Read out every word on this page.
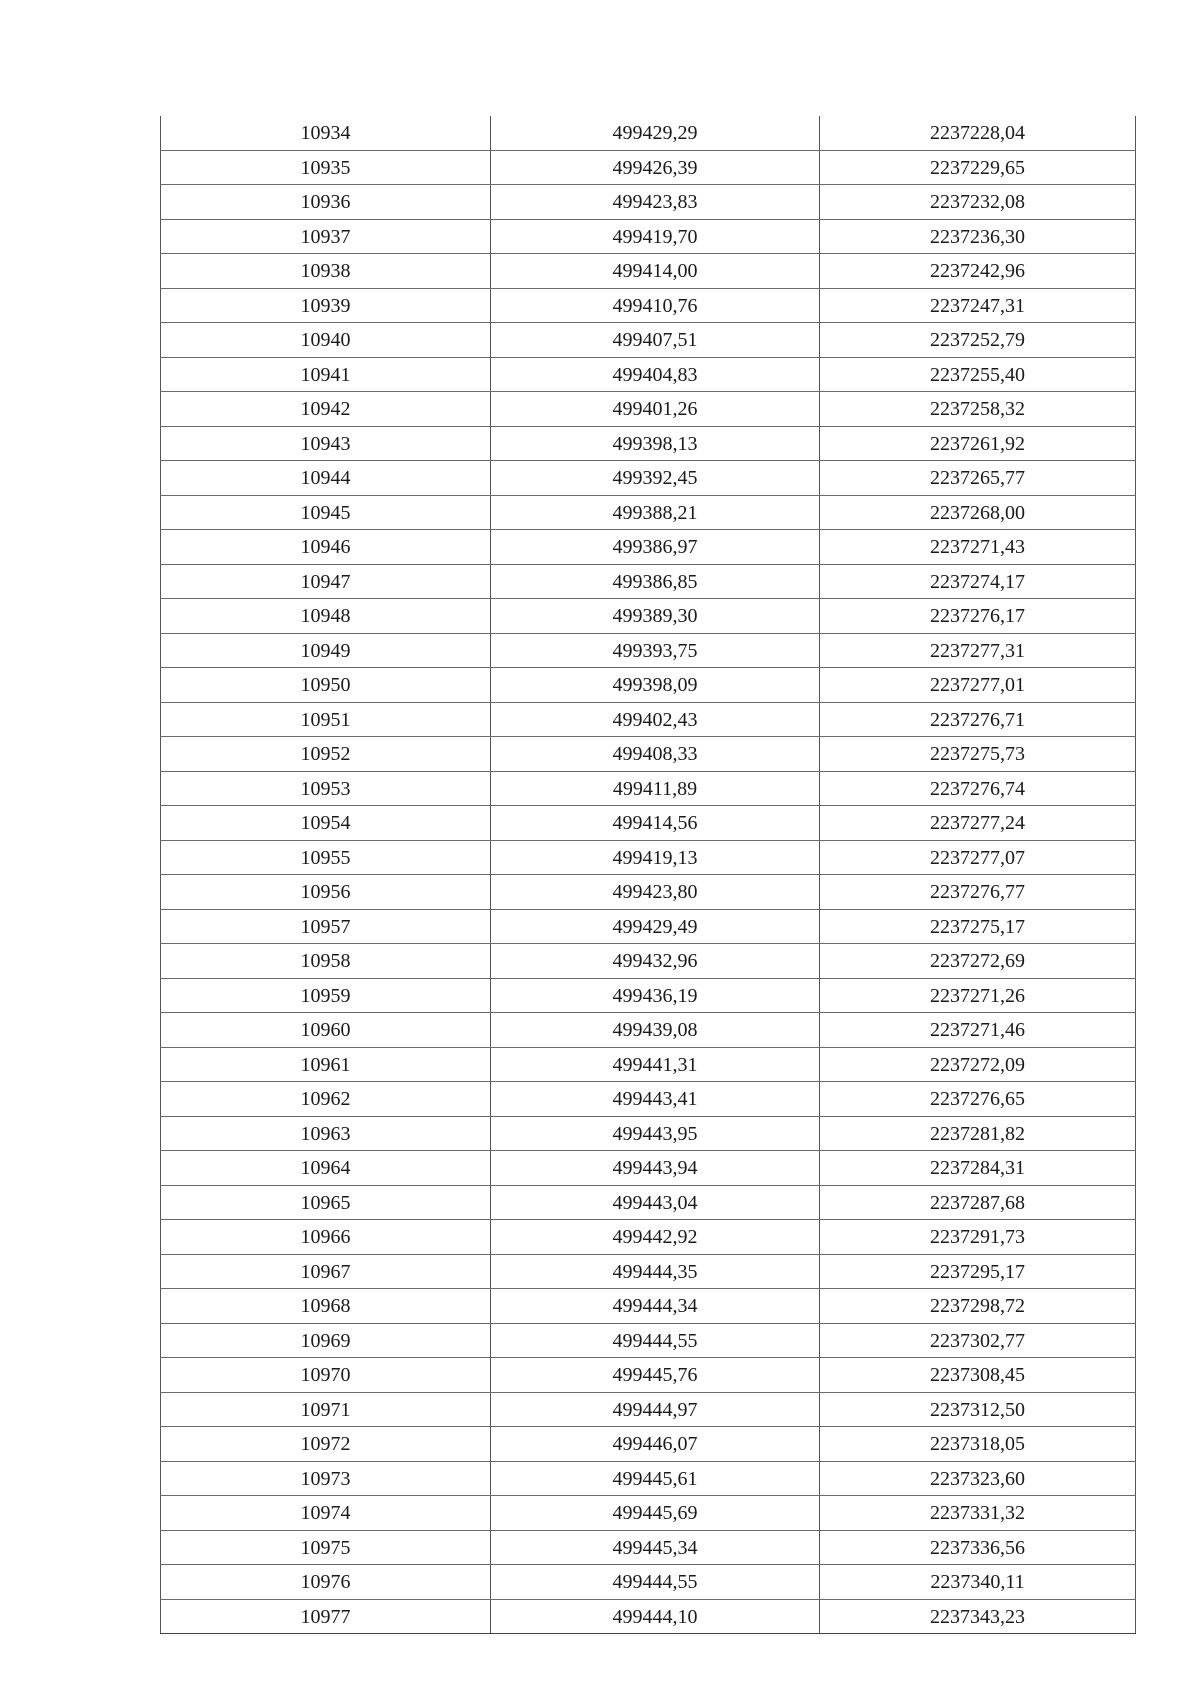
10934	499429,29	2237228,04
10935	499426,39	2237229,65
10936	499423,83	2237232,08
10937	499419,70	2237236,30
10938	499414,00	2237242,96
10939	499410,76	2237247,31
10940	499407,51	2237252,79
10941	499404,83	2237255,40
10942	499401,26	2237258,32
10943	499398,13	2237261,92
10944	499392,45	2237265,77
10945	499388,21	2237268,00
10946	499386,97	2237271,43
10947	499386,85	2237274,17
10948	499389,30	2237276,17
10949	499393,75	2237277,31
10950	499398,09	2237277,01
10951	499402,43	2237276,71
10952	499408,33	2237275,73
10953	499411,89	2237276,74
10954	499414,56	2237277,24
10955	499419,13	2237277,07
10956	499423,80	2237276,77
10957	499429,49	2237275,17
10958	499432,96	2237272,69
10959	499436,19	2237271,26
10960	499439,08	2237271,46
10961	499441,31	2237272,09
10962	499443,41	2237276,65
10963	499443,95	2237281,82
10964	499443,94	2237284,31
10965	499443,04	2237287,68
10966	499442,92	2237291,73
10967	499444,35	2237295,17
10968	499444,34	2237298,72
10969	499444,55	2237302,77
10970	499445,76	2237308,45
10971	499444,97	2237312,50
10972	499446,07	2237318,05
10973	499445,61	2237323,60
10974	499445,69	2237331,32
10975	499445,34	2237336,56
10976	499444,55	2237340,11
10977	499444,10	2237343,23
